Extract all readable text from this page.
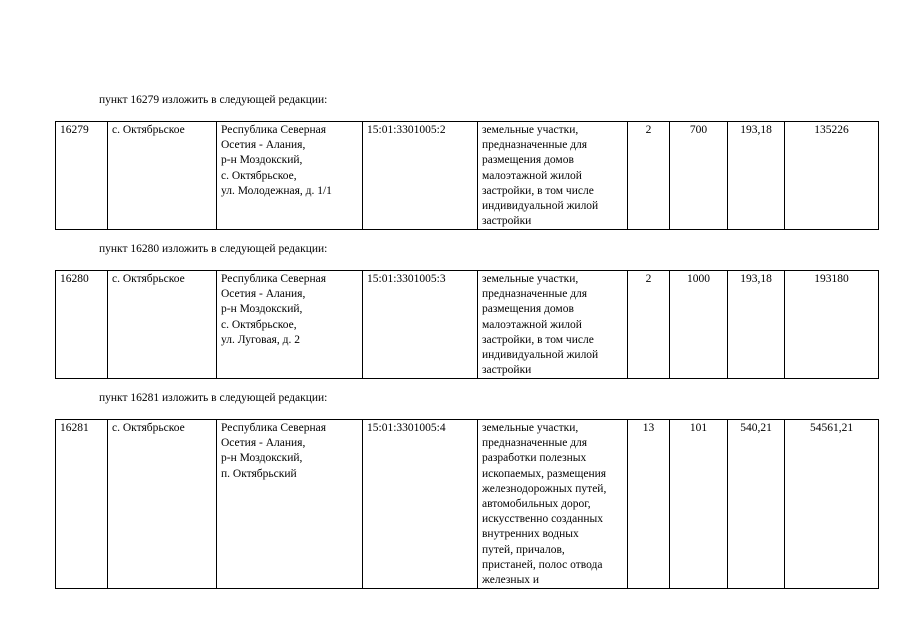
пункт 16279 изложить в следующей редакции:
16279	с. Октябрьское	Республика Северная
Осетия - Алания,
р-н Моздокский,
с. Октябрьское,
ул. Молодежная, д. 1/1	15:01:3301005:2	земельные участки,
предназначенные для
размещения домов
малоэтажной жилой
застройки, в том числе
индивидуальной жилой
застройки	2	700	193,18	135226
пункт 16280 изложить в следующей редакции:
16280	с. Октябрьское	Республика Северная
Осетия - Алания,
р-н Моздокский,
с. Октябрьское,
ул. Луговая, д. 2	15:01:3301005:3	земельные участки,
предназначенные для
размещения домов
малоэтажной жилой
застройки, в том числе
индивидуальной жилой
застройки	2	1000	193,18	193180
пункт 16281 изложить в следующей редакции:
16281	с. Октябрьское	Республика Северная
Осетия - Алания,
р-н Моздокский,
п. Октябрьский	15:01:3301005:4	земельные участки,
предназначенные для
разработки полезных
ископаемых, размещения
железнодорожных путей,
автомобильных дорог,
искусственно созданных
внутренних водных
путей, причалов,
пристаней, полос отвода
железных и	13	101	540,21	54561,21
